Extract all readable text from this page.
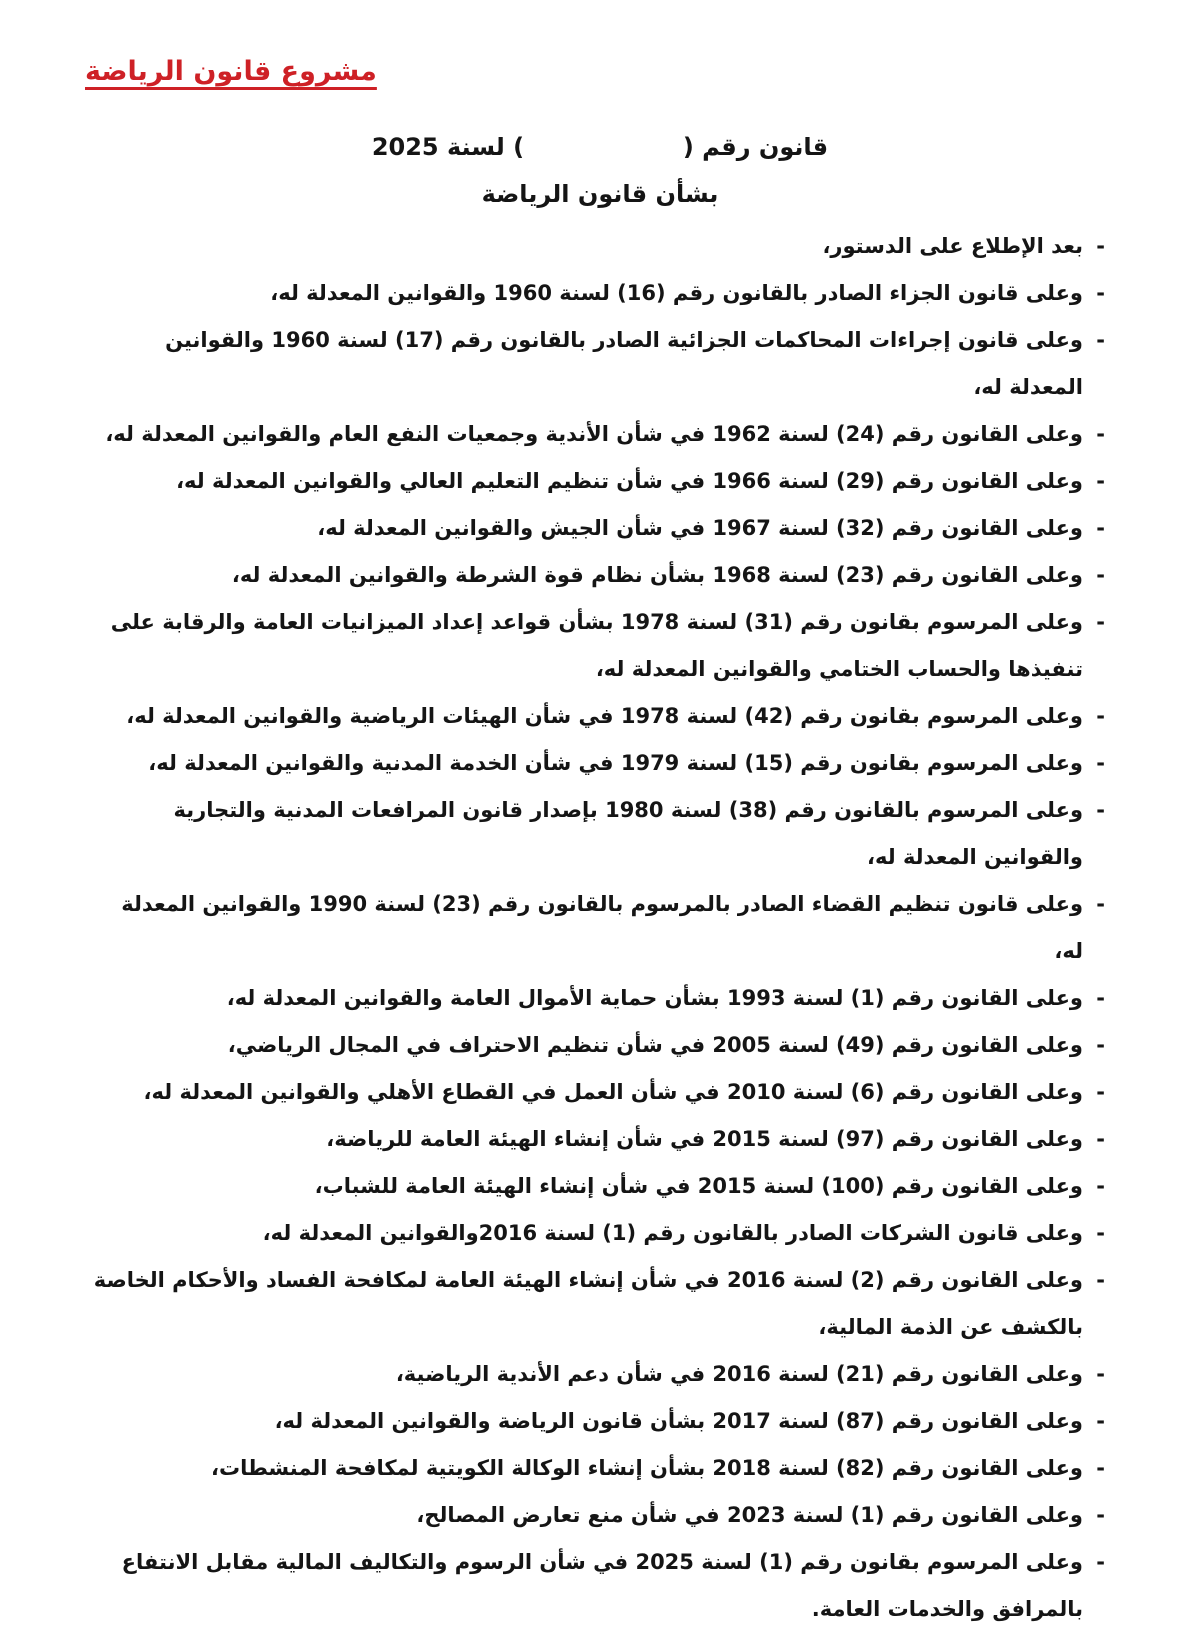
مشروع قانون الرياضة
قانون رقم (                   ) لسنة 2025
بشأن قانون الرياضة
-
بعد الإطلاع على الدستور،
-
وعلى قانون الجزاء الصادر بالقانون رقم (16) لسنة 1960 والقوانين المعدلة له،
-
وعلى قانون إجراءات المحاكمات الجزائية الصادر بالقانون رقم (17) لسنة 1960 والقوانين المعدلة له،
-
وعلى القانون رقم (24) لسنة 1962 في شأن الأندية وجمعيات النفع العام والقوانين المعدلة له،
-
وعلى القانون رقم (29) لسنة 1966 في شأن تنظيم التعليم العالي والقوانين المعدلة له،
-
وعلى القانون رقم (32) لسنة 1967 في شأن الجيش والقوانين المعدلة له،
-
وعلى القانون رقم (23) لسنة 1968 بشأن نظام قوة الشرطة والقوانين المعدلة له،
-
وعلى المرسوم بقانون رقم (31) لسنة 1978 بشأن قواعد إعداد الميزانيات العامة والرقابة على تنفيذها والحساب الختامي والقوانين المعدلة له،
-
وعلى المرسوم بقانون رقم (42) لسنة 1978 في شأن الهيئات الرياضية والقوانين المعدلة له،
-
وعلى المرسوم بقانون رقم (15) لسنة 1979 في شأن الخدمة المدنية والقوانين المعدلة له،
-
وعلى المرسوم بالقانون رقم (38) لسنة 1980 بإصدار قانون المرافعات المدنية والتجارية والقوانين المعدلة له،
-
وعلى قانون تنظيم القضاء الصادر بالمرسوم بالقانون رقم (23) لسنة 1990 والقوانين المعدلة له،
-
وعلى القانون رقم (1) لسنة 1993 بشأن حماية الأموال العامة والقوانين المعدلة له،
-
وعلى القانون رقم (49) لسنة 2005 في شأن تنظيم الاحتراف في المجال الرياضي،
-
وعلى القانون رقم (6) لسنة 2010 في شأن العمل في القطاع الأهلي والقوانين المعدلة له،
-
وعلى القانون رقم (97) لسنة 2015 في شأن إنشاء الهيئة العامة للرياضة،
-
وعلى القانون رقم (100) لسنة 2015 في شأن إنشاء الهيئة العامة للشباب،
-
وعلى قانون الشركات الصادر بالقانون رقم (1) لسنة 2016والقوانين المعدلة له،
-
وعلى القانون رقم (2) لسنة 2016 في شأن إنشاء الهيئة العامة لمكافحة الفساد والأحكام الخاصة بالكشف عن الذمة المالية،
-
وعلى القانون رقم (21) لسنة 2016 في شأن دعم الأندية الرياضية،
-
وعلى القانون رقم (87) لسنة 2017 بشأن قانون الرياضة والقوانين المعدلة له،
-
وعلى القانون رقم (82) لسنة 2018 بشأن إنشاء الوكالة الكويتية لمكافحة المنشطات،
-
وعلى القانون رقم (1) لسنة 2023 في شأن منع تعارض المصالح،
-
وعلى المرسوم بقانون رقم (1) لسنة 2025 في شأن الرسوم والتكاليف المالية مقابل الانتفاع بالمرافق والخدمات العامة.
